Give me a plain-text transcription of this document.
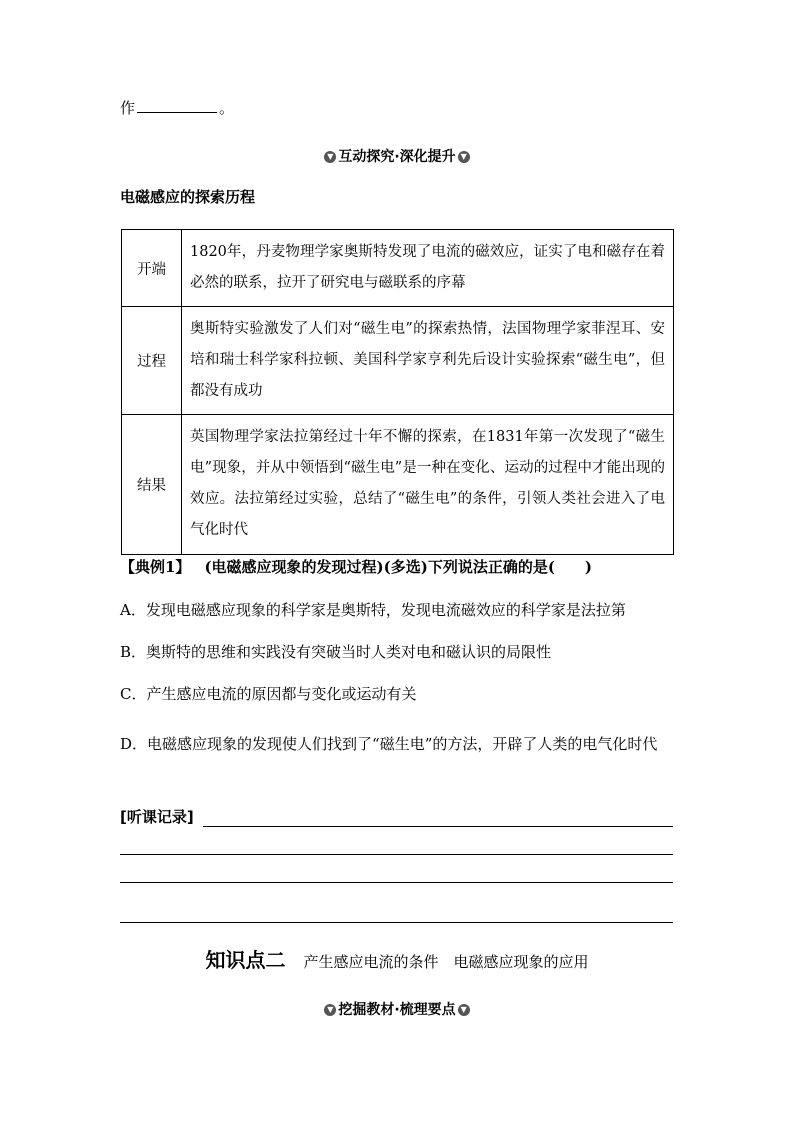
作	。
▼ 互动探究·深化提升 ▼
电磁感应的探索历程
开端	1820年，丹麦物理学家奥斯特发现了电流的磁效应，证实了电和磁存在着必然的联系，拉开了研究电与磁联系的序幕
过程	奥斯特实验激发了人们对“磁生电”的探索热情，法国物理学家菲涅耳、安培和瑞士科学家科拉顿、美国科学家亨利先后设计实验探索“磁生电”，但都没有成功
结果	英国物理学家法拉第经过十年不懈的探索，在1831年第一次发现了“磁生电”现象，并从中领悟到“磁生电”是一种在变化、运动的过程中才能出现的效应。法拉第经过实验，总结了“磁生电”的条件，引领人类社会进入了电气化时代
【典例1】 (电磁感应现象的发现过程)(多选)下列说法正确的是(　　)
A．发现电磁感应现象的科学家是奥斯特，发现电流磁效应的科学家是法拉第
B．奥斯特的思维和实践没有突破当时人类对电和磁认识的局限性
C．产生感应电流的原因都与变化或运动有关
D．电磁感应现象的发现使人们找到了“磁生电”的方法，开辟了人类的电气化时代
[听课记录]
知识点二 产生感应电流的条件　电磁感应现象的应用
▼ 挖掘教材·梳理要点 ▼
